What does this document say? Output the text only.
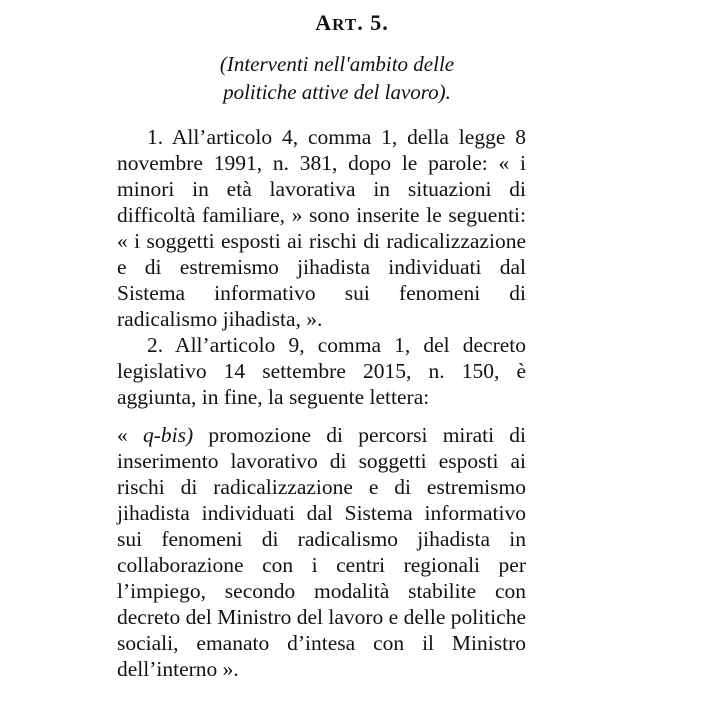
ART. 5.

(Interventi nell'ambito delle
politiche attive del lavoro).

1. All’articolo 4, comma 1, della legge 8 novembre 1991, n. 381, dopo le parole: « i minori in età lavorativa in situazioni di difficoltà familiare, » sono inserite le seguenti: « i soggetti esposti ai rischi di radicalizzazione e di estremismo jihadista individuati dal Sistema informativo sui fenomeni di radicalismo jihadista, ».

2. All’articolo 9, comma 1, del decreto legislativo 14 settembre 2015, n. 150, è aggiunta, in fine, la seguente lettera:

« q-bis) promozione di percorsi mirati di inserimento lavorativo di soggetti esposti ai rischi di radicalizzazione e di estremismo jihadista individuati dal Sistema informativo sui fenomeni di radicalismo jihadista in collaborazione con i centri regionali per l’impiego, secondo modalità stabilite con decreto del Ministro del lavoro e delle politiche sociali, emanato d’intesa con il Ministro dell’interno ».
